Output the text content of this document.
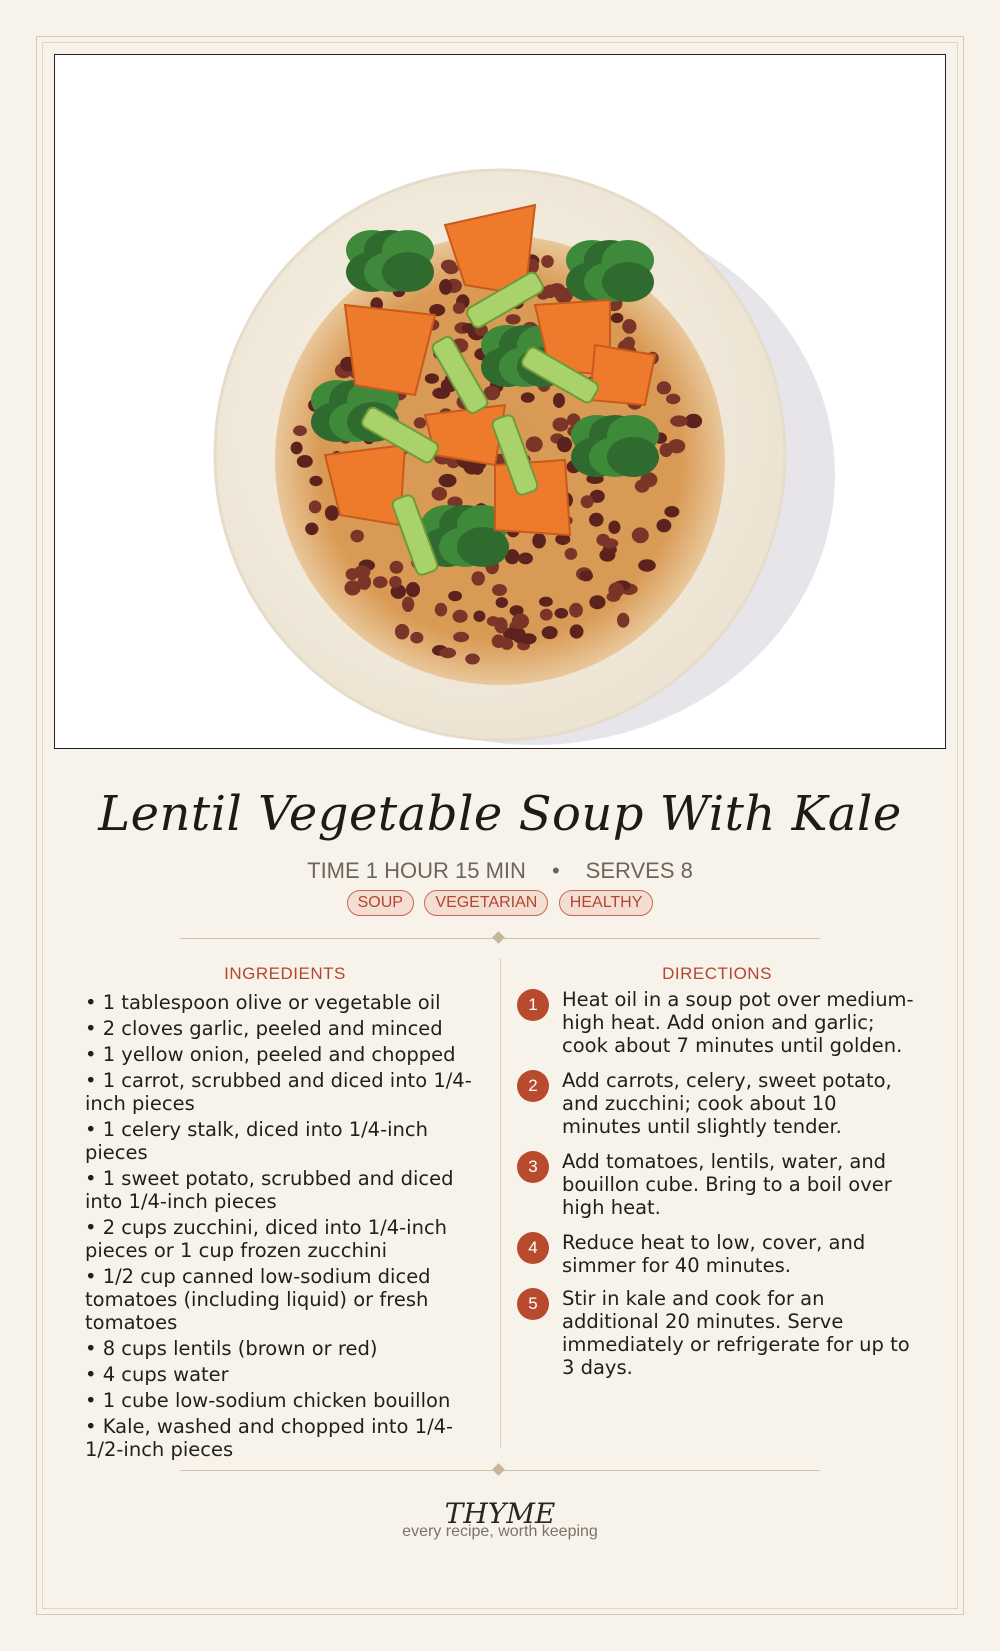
Lentil Vegetable Soup With Kale
TIME 1 HOUR 15 MIN • SERVES 8
SOUP VEGETARIAN HEALTHY
INGREDIENTS	DIRECTIONS
• 1 tablespoon olive or vegetable oil
• 2 cloves garlic, peeled and minced
• 1 yellow onion, peeled and chopped
• 1 carrot, scrubbed and diced into 1/4-inch pieces
• 1 celery stalk, diced into 1/4-inch pieces
• 1 sweet potato, scrubbed and diced into 1/4-inch pieces
• 2 cups zucchini, diced into 1/4-inch pieces or 1 cup frozen zucchini
• 1/2 cup canned low-sodium diced tomatoes (including liquid) or fresh tomatoes
• 8 cups lentils (brown or red)
• 4 cups water
• 1 cube low-sodium chicken bouillon
• Kale, washed and chopped into 1/4-1/2-inch pieces
1	Heat oil in a soup pot over medium-high heat. Add onion and garlic; cook about 7 minutes until golden.
2	Add carrots, celery, sweet potato, and zucchini; cook about 10 minutes until slightly tender.
3	Add tomatoes, lentils, water, and bouillon cube. Bring to a boil over high heat.
4	Reduce heat to low, cover, and simmer for 40 minutes.
5	Stir in kale and cook for an additional 20 minutes. Serve immediately or refrigerate for up to 3 days.
THYME
every recipe, worth keeping
